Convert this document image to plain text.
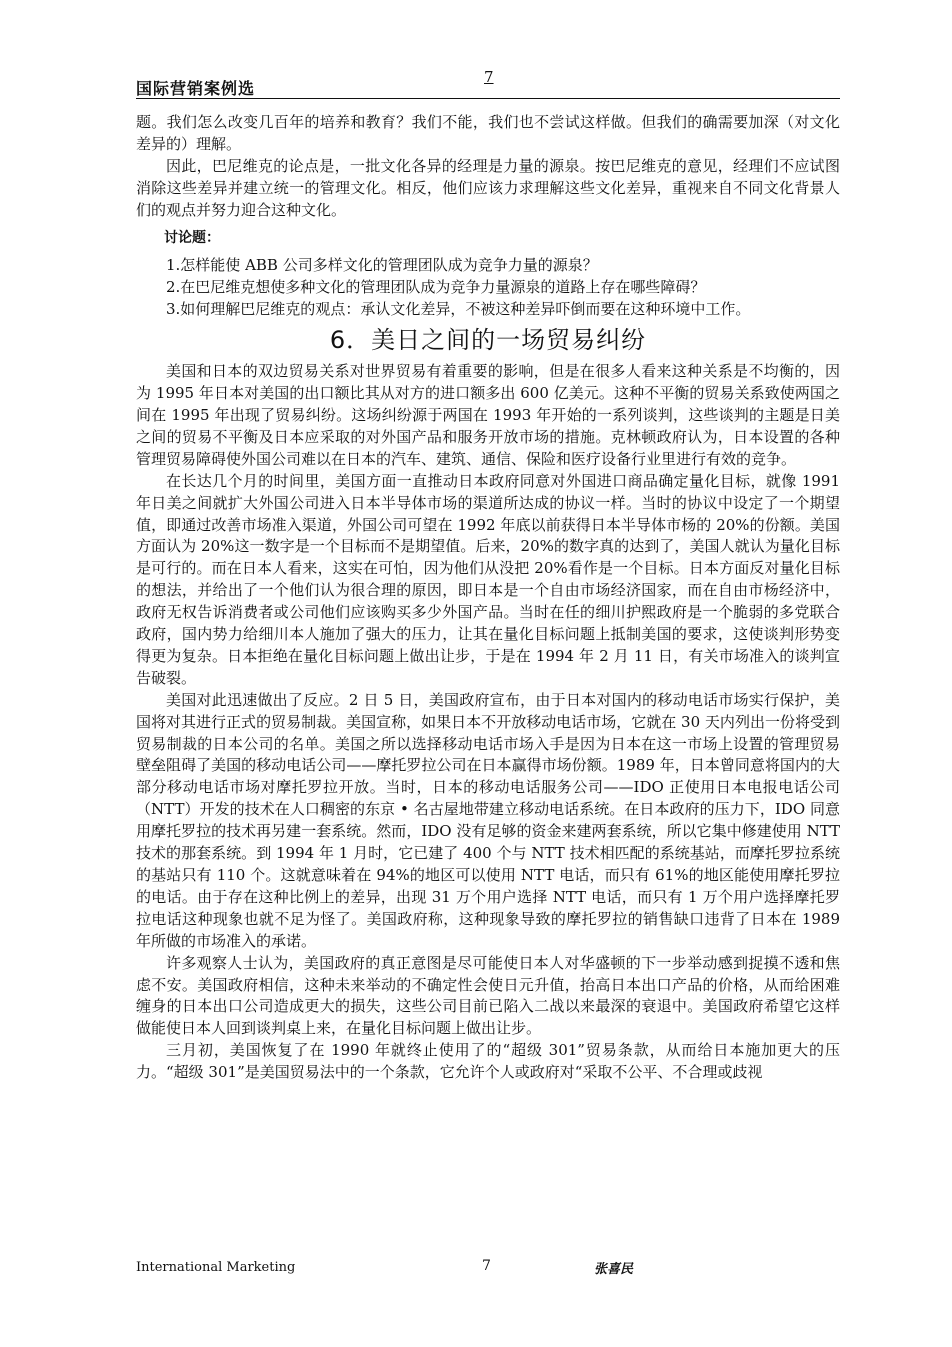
国际营销案例选
7

题。我们怎么改变几百年的培养和教育？我们不能，我们也不尝试这样做。但我们的确需要加深（对文化差异的）理解。

因此，巴尼维克的论点是，一批文化各异的经理是力量的源泉。按巴尼维克的意见，经理们不应试图消除这些差异并建立统一的管理文化。相反，他们应该力求理解这些文化差异，重视来自不同文化背景人们的观点并努力迎合这种文化。

讨论题：

1.怎样能使 ABB 公司多样文化的管理团队成为竞争力量的源泉？

2.在巴尼维克想使多种文化的管理团队成为竞争力量源泉的道路上存在哪些障碍？

3.如何理解巴尼维克的观点：承认文化差异，不被这种差异吓倒而要在这种环境中工作。

6．美日之间的一场贸易纠纷

美国和日本的双边贸易关系对世界贸易有着重要的影响，但是在很多人看来这种关系是不均衡的，因为 1995 年日本对美国的出口额比其从对方的进口额多出 600 亿美元。这种不平衡的贸易关系致使两国之间在 1995 年出现了贸易纠纷。这场纠纷源于两国在 1993 年开始的一系列谈判，这些谈判的主题是日美之间的贸易不平衡及日本应采取的对外国产品和服务开放市场的措施。克林顿政府认为，日本设置的各种管理贸易障碍使外国公司难以在日本的汽车、建筑、通信、保险和医疗设备行业里进行有效的竞争。

在长达几个月的时间里，美国方面一直推动日本政府同意对外国进口商品确定量化目标，就像 1991 年日美之间就扩大外国公司进入日本半导体市场的渠道所达成的协议一样。当时的协议中设定了一个期望值，即通过改善市场准入渠道，外国公司可望在 1992 年底以前获得日本半导体市杨的 20%的份额。美国方面认为 20%这一数字是一个目标而不是期望值。后来，20%的数字真的达到了，美国人就认为量化目标是可行的。而在日本人看来，这实在可怕，因为他们从没把 20%看作是一个目标。日本方面反对量化目标的想法，并给出了一个他们认为很合理的原因，即日本是一个自由市场经济国家，而在自由市杨经济中，政府无权告诉消费者或公司他们应该购买多少外国产品。当时在任的细川护熙政府是一个脆弱的多党联合政府，国内势力给细川本人施加了强大的压力，让其在量化目标问题上抵制美国的要求，这使谈判形势变得更为复杂。日本拒绝在量化目标问题上做出让步，于是在 1994 年 2 月 11 日，有关市场准入的谈判宣告破裂。

美国对此迅速做出了反应。2 日 5 日，美国政府宣布，由于日本对国内的移动电话市场实行保护，美国将对其进行正式的贸易制裁。美国宣称，如果日本不开放移动电话市场，它就在 30 天内列出一份将受到贸易制裁的日本公司的名单。美国之所以选择移动电话市场入手是因为日本在这一市场上设置的管理贸易壁垒阻碍了美国的移动电话公司——摩托罗拉公司在日本赢得市场份额。1989 年，日本曾同意将国内的大部分移动电话市场对摩托罗拉开放。当时，日本的移动电话服务公司——IDO 正使用日本电报电话公司（NTT）开发的技术在人口稠密的东京 • 名古屋地带建立移动电话系统。在日本政府的压力下，IDO 同意用摩托罗拉的技术再另建一套系统。然而，IDO 没有足够的资金来建两套系统，所以它集中修建使用 NTT 技术的那套系统。到 1994 年 1 月时，它已建了 400 个与 NTT 技术相匹配的系统基站，而摩托罗拉系统的基站只有 110 个。这就意味着在 94%的地区可以使用 NTT 电话，而只有 61%的地区能使用摩托罗拉的电话。由于存在这种比例上的差异，出现 31 万个用户选择 NTT 电话，而只有 1 万个用户选择摩托罗拉电话这种现象也就不足为怪了。美国政府称，这种现象导致的摩托罗拉的销售缺口违背了日本在 1989 年所做的市场准入的承诺。

许多观察人士认为，美国政府的真正意图是尽可能使日本人对华盛顿的下一步举动感到捉摸不透和焦虑不安。美国政府相信，这种未来举动的不确定性会使日元升值，抬高日本出口产品的价格，从而给困难缠身的日本出口公司造成更大的损失，这些公司目前已陷入二战以来最深的衰退中。美国政府希望它这样做能使日本人回到谈判桌上来，在量化目标问题上做出让步。

三月初，美国恢复了在 1990 年就终止使用了的“超级 301”贸易条款，从而给日本施加更大的压力。“超级 301”是美国贸易法中的一个条款，它允许个人或政府对“采取不公平、不合理或歧视

International Marketing	7	张喜民
